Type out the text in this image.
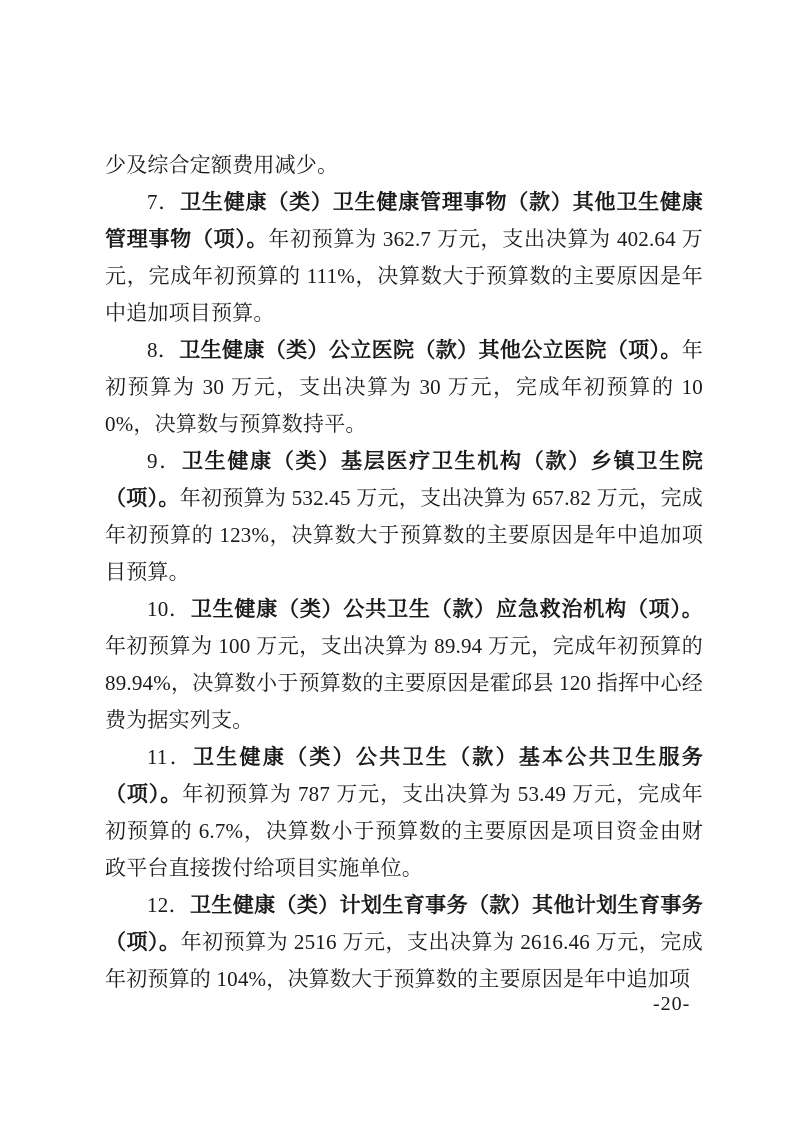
少及综合定额费用减少。

7．卫生健康（类）卫生健康管理事物（款）其他卫生健康管理事物（项）。年初预算为 362.7 万元，支出决算为 402.64 万元，完成年初预算的 111%，决算数大于预算数的主要原因是年中追加项目预算。

8．卫生健康（类）公立医院（款）其他公立医院（项）。年初预算为 30 万元，支出决算为 30 万元，完成年初预算的 100%，决算数与预算数持平。

9．卫生健康（类）基层医疗卫生机构（款）乡镇卫生院（项）。年初预算为 532.45 万元，支出决算为 657.82 万元，完成年初预算的 123%，决算数大于预算数的主要原因是年中追加项目预算。

10．卫生健康（类）公共卫生（款）应急救治机构（项）。年初预算为 100 万元，支出决算为 89.94 万元，完成年初预算的 89.94%，决算数小于预算数的主要原因是霍邱县 120 指挥中心经费为据实列支。

11．卫生健康（类）公共卫生（款）基本公共卫生服务（项）。年初预算为 787 万元，支出决算为 53.49 万元，完成年初预算的 6.7%，决算数小于预算数的主要原因是项目资金由财政平台直接拨付给项目实施单位。

12．卫生健康（类）计划生育事务（款）其他计划生育事务（项）。年初预算为 2516 万元，支出决算为 2616.46 万元，完成年初预算的 104%，决算数大于预算数的主要原因是年中追加项

-20-
